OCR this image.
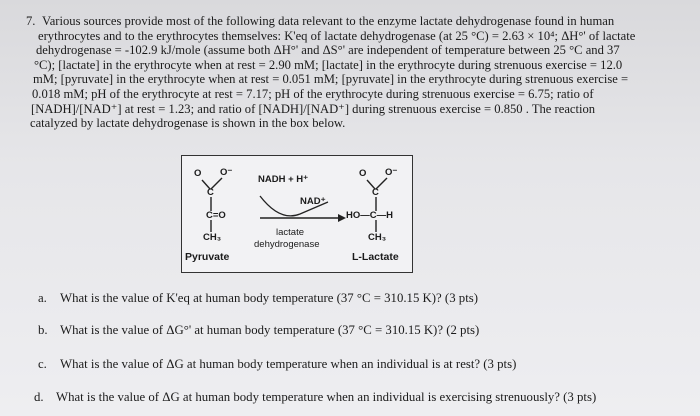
7. Various sources provide most of the following data relevant to the enzyme lactate dehydrogenase found in human
erythrocytes and to the erythrocytes themselves: K'eq of lactate dehydrogenase (at 25 °C) = 2.63 × 10⁴; ΔH°' of lactate
dehydrogenase = -102.9 kJ/mole (assume both ΔH°' and ΔS°' are independent of temperature between 25 °C and 37
°C); [lactate] in the erythrocyte when at rest = 2.90 mM; [lactate] in the erythrocyte during strenuous exercise = 12.0
mM; [pyruvate] in the erythrocyte when at rest = 0.051 mM; [pyruvate] in the erythrocyte during strenuous exercise =
0.018 mM; pH of the erythrocyte at rest = 7.17; pH of the erythrocyte during strenuous exercise = 6.75; ratio of
[NADH]/[NAD⁺] at rest = 1.23; and ratio of [NADH]/[NAD⁺] during strenuous exercise = 0.850 . The reaction
catalyzed by lactate dehydrogenase is shown in the box below.
O O⁻
C
C=O
CH₃
Pyruvate
NADH + H⁺
NAD⁺
lactate
dehydrogenase
O O⁻
C
HO—C—H
CH₃
L-Lactate
a. What is the value of K'eq at human body temperature (37 °C = 310.15 K)? (3 pts)
b. What is the value of ΔG°' at human body temperature (37 °C = 310.15 K)? (2 pts)
c. What is the value of ΔG at human body temperature when an individual is at rest? (3 pts)
d. What is the value of ΔG at human body temperature when an individual is exercising strenuously? (3 pts)
